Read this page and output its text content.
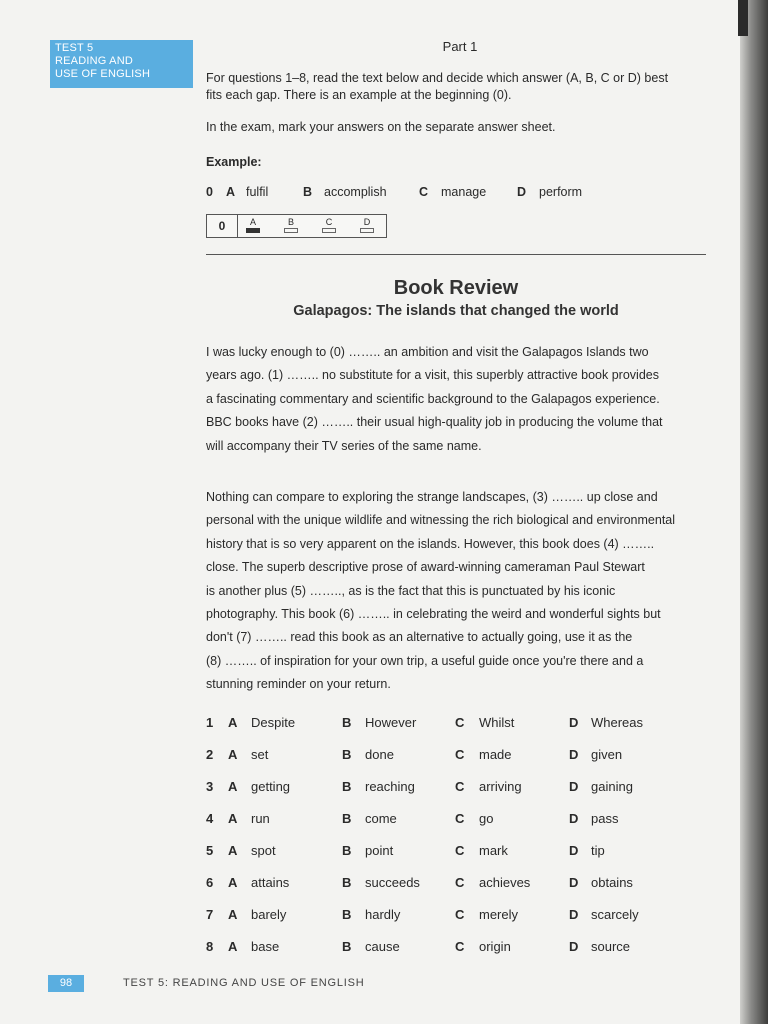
TEST 5
READING AND
USE OF ENGLISH
Part 1
For questions 1–8, read the text below and decide which answer (A, B, C or D) best
fits each gap. There is an example at the beginning (0).
In the exam, mark your answers on the separate answer sheet.
Example:
0 A fulfil	B accomplish	C manage D perform
0	A	B	C	D
Book Review
Galapagos: The islands that changed the world
I was lucky enough to (0) …….. an ambition and visit the Galapagos Islands two
years ago. (1) …….. no substitute for a visit, this superbly attractive book provides
a fascinating commentary and scientific background to the Galapagos experience.
BBC books have (2) …….. their usual high-quality job in producing the volume that
will accompany their TV series of the same name.
Nothing can compare to exploring the strange landscapes, (3) …….. up close and
personal with the unique wildlife and witnessing the rich biological and environmental
history that is so very apparent on the islands. However, this book does (4) ……..
close. The superb descriptive prose of award-winning cameraman Paul Stewart
is another plus (5) …….., as is the fact that this is punctuated by his iconic
photography. This book (6) …….. in celebrating the weird and wonderful sights but
don't (7) …….. read this book as an alternative to actually going, use it as the
(8) …….. of inspiration for your own trip, a useful guide once you're there and a
stunning reminder on your return.
1 A Despite	B However	C Whilst	D Whereas
2 A set	B done	C made	D given
3 A getting	B reaching	C arriving	D gaining
4 A run	B come	C go	D pass
5 A spot	B point	C mark	D tip
6 A attains	B succeeds	C achieves	D obtains
7 A barely	B hardly	C merely	D scarcely
8 A base	B cause	C origin	D source
98	TEST 5: READING AND USE OF ENGLISH
